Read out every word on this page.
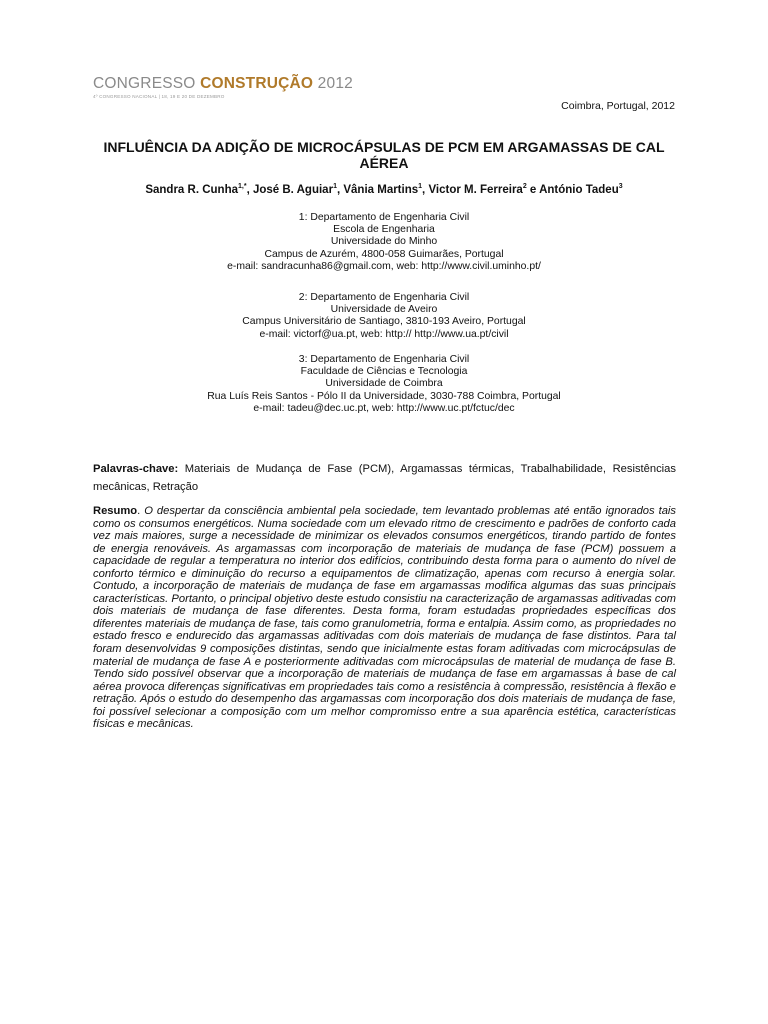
CONGRESSO CONSTRUÇÃO 2012
4º CONGRESSO NACIONAL | 18, 19 E 20 DE DEZEMBRO
Coimbra, Portugal, 2012
INFLUÊNCIA DA ADIÇÃO DE MICROCÁPSULAS DE PCM EM ARGAMASSAS DE CAL AÉREA
Sandra R. Cunha$^{1,*}$, José B. Aguiar$^1$, Vânia Martins$^1$, Victor M. Ferreira$^2$ e António Tadeu$^3$
1: Departamento de Engenharia Civil
Escola de Engenharia
Universidade do Minho
Campus de Azurém, 4800-058 Guimarães, Portugal
e-mail: sandracunha86@gmail.com, web: http://www.civil.uminho.pt/
2: Departamento de Engenharia Civil
Universidade de Aveiro
Campus Universitário de Santiago, 3810-193 Aveiro, Portugal
e-mail: victorf@ua.pt, web: http:// http://www.ua.pt/civil
3: Departamento de Engenharia Civil
Faculdade de Ciências e Tecnologia
Universidade de Coimbra
Rua Luís Reis Santos - Pólo II da Universidade, 3030-788 Coimbra, Portugal
e-mail: tadeu@dec.uc.pt, web: http://www.uc.pt/fctuc/dec
Palavras-chave: Materiais de Mudança de Fase (PCM), Argamassas térmicas, Trabalhabilidade, Resistências mecânicas, Retração
Resumo. O despertar da consciência ambiental pela sociedade, tem levantado problemas até então ignorados tais como os consumos energéticos. Numa sociedade com um elevado ritmo de crescimento e padrões de conforto cada vez mais maiores, surge a necessidade de minimizar os elevados consumos energéticos, tirando partido de fontes de energia renováveis. As argamassas com incorporação de materiais de mudança de fase (PCM) possuem a capacidade de regular a temperatura no interior dos edifícios, contribuindo desta forma para o aumento do nível de conforto térmico e diminuição do recurso a equipamentos de climatização, apenas com recurso à energia solar. Contudo, a incorporação de materiais de mudança de fase em argamassas modifica algumas das suas principais características. Portanto, o principal objetivo deste estudo consistiu na caracterização de argamassas aditivadas com dois materiais de mudança de fase diferentes. Desta forma, foram estudadas propriedades específicas dos diferentes materiais de mudança de fase, tais como granulometria, forma e entalpia. Assim como, as propriedades no estado fresco e endurecido das argamassas aditivadas com dois materiais de mudança de fase distintos. Para tal foram desenvolvidas 9 composições distintas, sendo que inicialmente estas foram aditivadas com microcápsulas de material de mudança de fase A e posteriormente aditivadas com microcápsulas de material de mudança de fase B. Tendo sido possível observar que a incorporação de materiais de mudança de fase em argamassas à base de cal aérea provoca diferenças significativas em propriedades tais como a resistência à compressão, resistência à flexão e retração. Após o estudo do desempenho das argamassas com incorporação dos dois materiais de mudança de fase, foi possível selecionar a composição com um melhor compromisso entre a sua aparência estética, características físicas e mecânicas.
